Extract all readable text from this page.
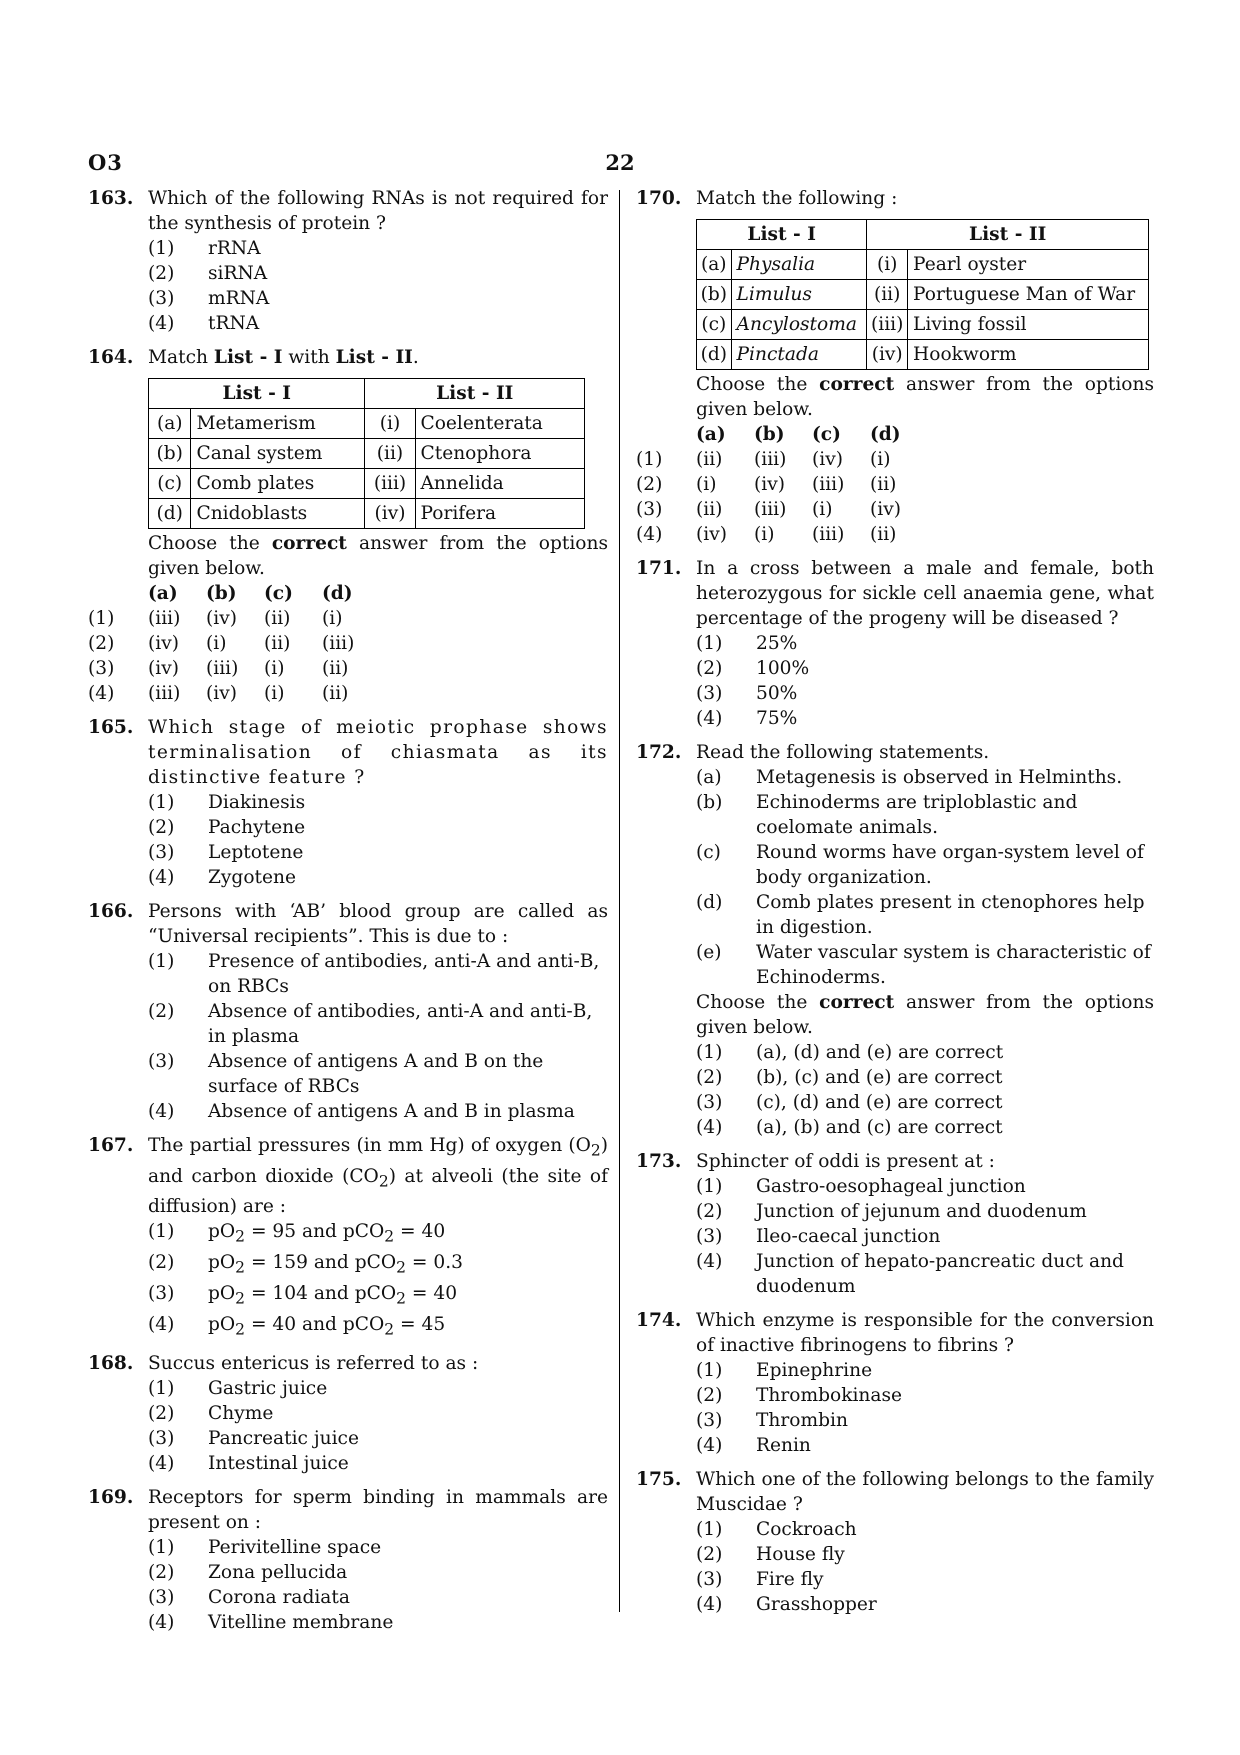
O3	22
163. Which of the following RNAs is not required for the synthesis of protein ?
(1) rRNA
(2) siRNA
(3) mRNA
(4) tRNA
164. Match List - I with List - II.
List - I		List - II	
(a)	Metamerism	(i)	Coelenterata
(b)	Canal system	(ii)	Ctenophora
(c)	Comb plates	(iii)	Annelida
(d)	Cnidoblasts	(iv)	Porifera
Choose the correct answer from the options given below.
(a)	(b)	(c)	(d)
(1)	(iii)	(iv)	(ii)	(i)
(2)	(iv)	(i)	(ii)	(iii)
(3)	(iv)	(iii)	(i)	(ii)
(4)	(iii)	(iv)	(i)	(ii)
165. Which stage of meiotic prophase shows terminalisation of chiasmata as its distinctive feature ?
(1) Diakinesis
(2) Pachytene
(3) Leptotene
(4) Zygotene
166. Persons with ‘AB’ blood group are called as “Universal recipients”. This is due to :
(1) Presence of antibodies, anti-A and anti-B, on RBCs
(2) Absence of antibodies, anti-A and anti-B, in plasma
(3) Absence of antigens A and B on the surface of RBCs
(4) Absence of antigens A and B in plasma
167. The partial pressures (in mm Hg) of oxygen $(O_2)$ and carbon dioxide $(CO_2)$ at alveoli (the site of diffusion) are :
(1) $pO_2 = 95$ and pCO$_2$ = 40
(2) $pO_2 = 159$ and pCO$_2$ = 0.3
(3) $pO_2 = 104$ and pCO$_2$ = 40
(4) $pO_2 = 40$ and pCO$_2$ = 45
168. Succus entericus is referred to as :
(1) Gastric juice
(2) Chyme
(3) Pancreatic juice
(4) Intestinal juice
169. Receptors for sperm binding in mammals are present on :
(1) Perivitelline space
(2) Zona pellucida
(3) Corona radiata
(4) Vitelline membrane
170. Match the following :
List - I		List - II	
(a)	Physalia	(i)	Pearl oyster
(b)	Limulus	(ii)	Portuguese Man of War
(c)	Ancylostoma	(iii)	Living fossil
(d)	Pinctada	(iv)	Hookworm
Choose the correct answer from the options given below.
(a)	(b)	(c)	(d)
(1)	(ii)	(iii)	(iv)	(i)
(2)	(i)	(iv)	(iii)	(ii)
(3)	(ii)	(iii)	(i)	(iv)
(4)	(iv)	(i)	(iii)	(ii)
171. In a cross between a male and female, both heterozygous for sickle cell anaemia gene, what percentage of the progeny will be diseased ?
(1) 25%
(2) 100%
(3) 50%
(4) 75%
172. Read the following statements.
(a) Metagenesis is observed in Helminths.
(b) Echinoderms are triploblastic and coelomate animals.
(c) Round worms have organ-system level of body organization.
(d) Comb plates present in ctenophores help in digestion.
(e) Water vascular system is characteristic of Echinoderms.
Choose the correct answer from the options given below.
(1) (a), (d) and (e) are correct
(2) (b), (c) and (e) are correct
(3) (c), (d) and (e) are correct
(4) (a), (b) and (c) are correct
173. Sphincter of oddi is present at :
(1) Gastro-oesophageal junction
(2) Junction of jejunum and duodenum
(3) Ileo-caecal junction
(4) Junction of hepato-pancreatic duct and duodenum
174. Which enzyme is responsible for the conversion of inactive fibrinogens to fibrins ?
(1) Epinephrine
(2) Thrombokinase
(3) Thrombin
(4) Renin
175. Which one of the following belongs to the family Muscidae ?
(1) Cockroach
(2) House fly
(3) Fire fly
(4) Grasshopper
